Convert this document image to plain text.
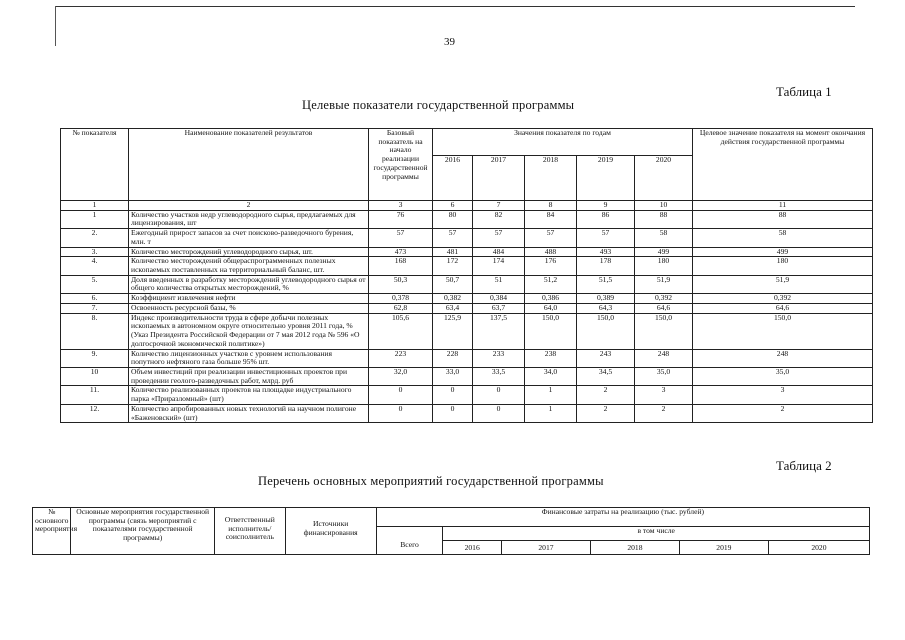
39
Таблица 1
Целевые показатели государственной программы
№ показателя	Наименование показателей результатов	Базовый показатель на начало реализации государственной программы	Значения показателя по годам					Целевое значение показателя на момент окончания действия государственной программы
			2016	2017	2018	2019	2020	
1	2	3	6	7	8	9	10	11
1	Количество участков недр углеводородного сырья, предлагаемых для лицензирования, шт	76	80	82	84	86	88	88
2.	Ежегодный прирост запасов за счет поисково-разведочного бурения, млн. т	57	57	57	57	57	58	58
3.	Количество месторождений углеводородного сырья, шт.	473	481	484	488	493	499	499
4.	Количество месторождений общераспрограмменных полезных ископаемых поставленных на территориальный баланс, шт.	168	172	174	176	178	180	180
5.	Доля введенных в разработку месторождений углеводородного сырья от общего количества открытых месторождений, %	50,3	50,7	51	51,2	51,5	51,9	51,9
6.	Коэффициент извлечения нефти	0,378	0,382	0,384	0,386	0,389	0,392	0,392
7.	Освоенность ресурсной базы, %	62,8	63,4	63,7	64,0	64,3	64,6	64,6
8.	Индекс производительности труда в сфере добычи полезных ископаемых в автономном округе относительно уровня 2011 года, % (Указ Президента Российской Федерации от 7 мая 2012 года № 596 «О долгосрочной экономической политике»)	105,6	125,9	137,5	150,0	150,0	150,0	150,0
9.	Количество лицензионных участков с уровнем использования попутного нефтяного газа больше 95% шт.	223	228	233	238	243	248	248
10	Объем инвестиций при реализации инвестиционных проектов при проведении геолого-разведочных работ, млрд. руб	32,0	33,0	33,5	34,0	34,5	35,0	35,0
11.	Количество реализованных проектов на площадке индустриального парка «Приразломный» (шт)	0	0	0	1	2	3	3
12.	Количество апробированных новых технологий на научном полигоне «Баженовский» (шт)	0	0	0	1	2	2	2
Таблица 2
Перечень основных мероприятий государственной программы
№ основного мероприятия	Основные мероприятия государственной программы (связь мероприятий с показателями государственной программы)	Ответственный исполнитель/ соисполнитель	Источники финансирования	Финансовые затраты на реализацию (тыс. рублей)					
				Всего	в том числе				
					2016	2017	2018	2019	2020
